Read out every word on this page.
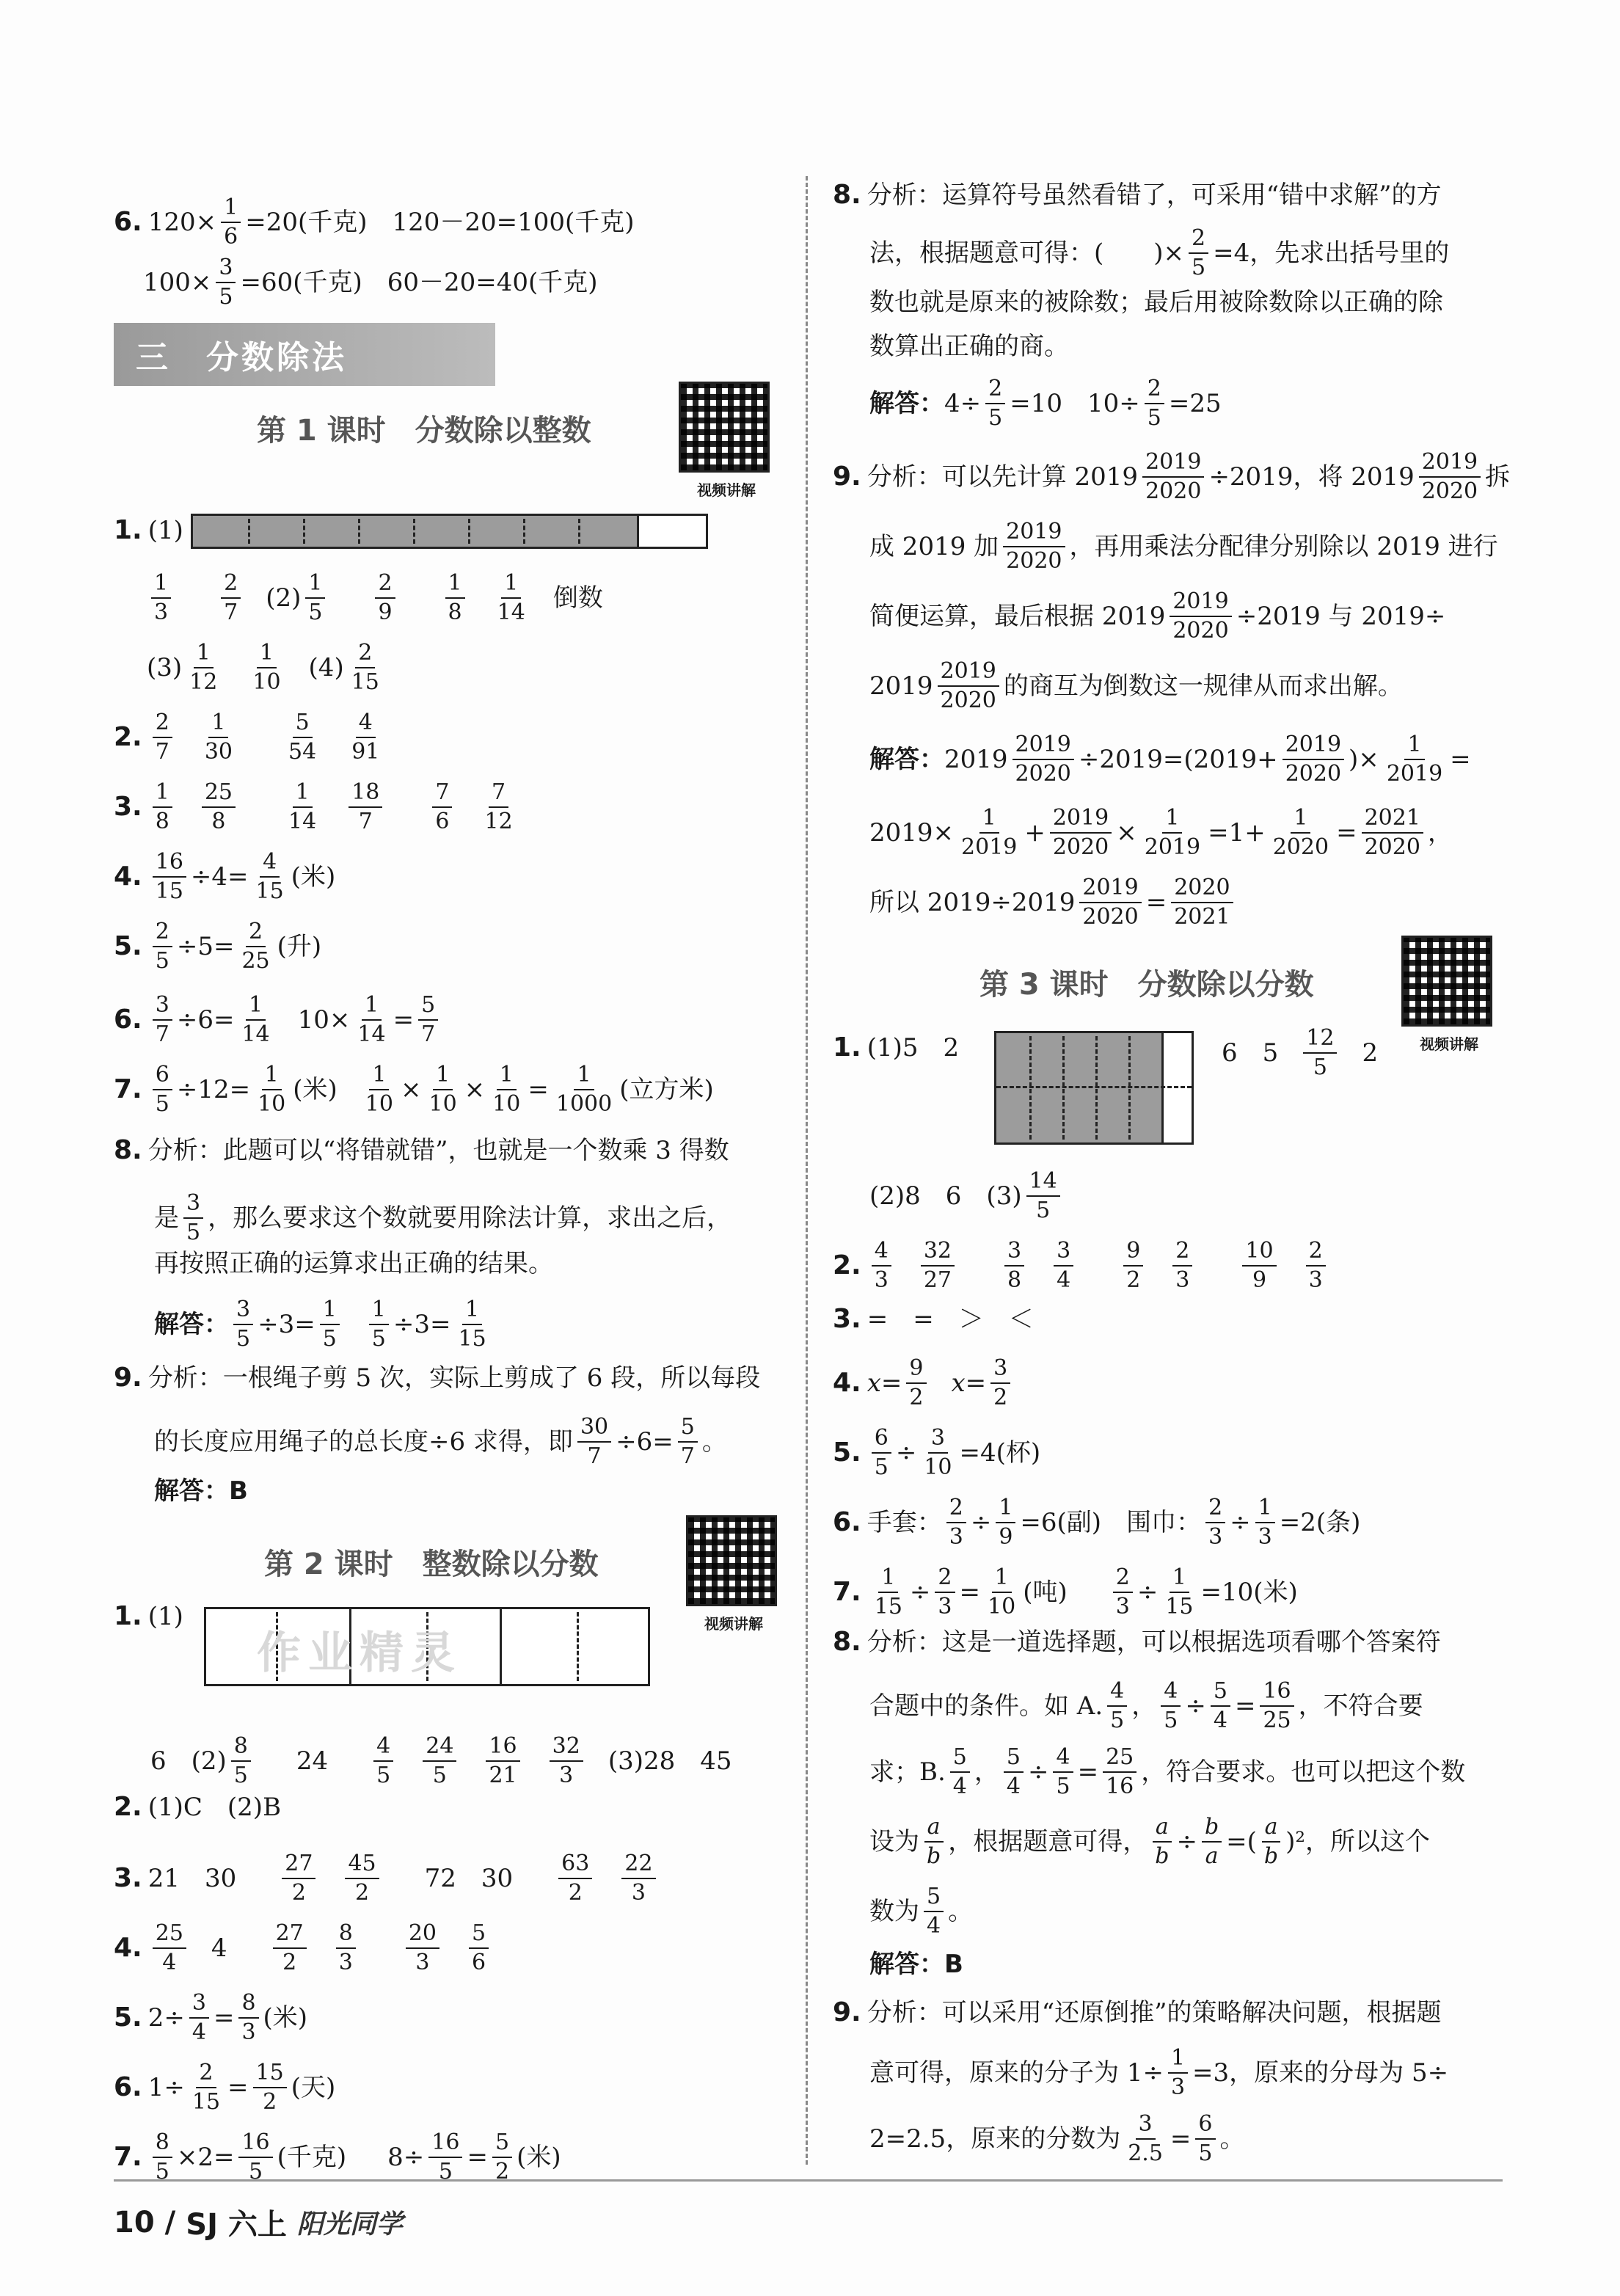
6. $120\times \frac{1}{6} =20$(千克)　120－20=100(千克)
$100\times \frac{3}{5} =60$(千克)　60－20=40(千克)
三　分数除法
第 1 课时　分数除以整数
视频讲解
1. (1)
$\frac{1}{3} \frac{2}{7} (2) \frac{1}{5} \frac{2}{9} \frac{1}{8} \frac{1}{14}$ 倒数
$(3) \frac{1}{12} \frac{1}{10} (4) \frac{2}{15}$
2. $\frac{2}{7} \frac{1}{30} \frac{5}{54} \frac{4}{91}$
3. $\frac{1}{8} \frac{25}{8} \frac{1}{14} \frac{18}{7} \frac{7}{6} \frac{7}{12}$
4. $\frac{16}{15} \div 4= \frac{4}{15}$ (米)
5. $\frac{2}{5} \div 5= \frac{2}{25}$ (升)
6. $\frac{3}{7} \div 6= \frac{1}{14} 10\times \frac{1}{14} = \frac{5}{7}$
7. $\frac{6}{5} \div 12= \frac{1}{10}$ (米) $\frac{1}{10} \times \frac{1}{10} \times \frac{1}{10} = \frac{1}{1000}$ (立方米)
8. 分析：此题可以“将错就错”，也就是一个数乘 3 得数
是 $\frac{3}{5}$ ，那么要求这个数就要用除法计算，求出之后，
再按照正确的运算求出正确的结果。
解答： $\frac{3}{5} \div 3= \frac{1}{5} \frac{1}{5} \div 3= \frac{1}{15}$
9. 分析：一根绳子剪 5 次，实际上剪成了 6 段，所以每段
的长度应用绳子的总长度÷6 求得，即 $\frac{30}{7} \div 6= \frac{5}{7}$ 。
解答：B
第 2 课时　整数除以分数
视频讲解
1. (1)
作业精灵
6　$(2) \frac{8}{5} 24 \frac{4}{5} \frac{24}{5} \frac{16}{21} \frac{32}{3} (3)28$　45
2. (1)C　(2)B
3. 21　$30 \frac{27}{2} \frac{45}{2} 72$　$30 \frac{63}{2} \frac{22}{3}$
4. $\frac{25}{4} 4 \frac{27}{2} \frac{8}{3} \frac{20}{3} \frac{5}{6}$
5. $2\div \frac{3}{4} = \frac{8}{3}$ (米)
6. $1\div \frac{2}{15} = \frac{15}{2}$ (天)
7. $\frac{8}{5} \times 2 = \frac{16}{5}$ (千克) $8\div \frac{16}{5} = \frac{5}{2}$ (米)
8. 分析：运算符号虽然看错了，可采用“错中求解”的方
法，根据题意可得：(　　)× $\frac{2}{5} =4$，先求出括号里的
数也就是原来的被除数；最后用被除数除以正确的除
数算出正确的商。
解答： $4\div \frac{2}{5} =10$　$10\div \frac{2}{5} =25$
9. 分析：可以先计算 $2019 \frac{2019}{2020} \div 2019$，将 $2019 \frac{2019}{2020}$ 拆
成 2019 加 $\frac{2019}{2020}$ ，再用乘法分配律分别除以 2019 进行
简便运算，最后根据 $2019 \frac{2019}{2020} \div 2019$ 与 2019÷
$2019 \frac{2019}{2020}$ 的商互为倒数这一规律从而求出解。
解答： $2019 \frac{2019}{2020} \div 2019=(2019+ \frac{2019}{2020}$ )× $\frac{1}{2019}$ =
$2019\times \frac{1}{2019} + \frac{2019}{2020} \times \frac{1}{2019} =1+ \frac{1}{2020} = \frac{2021}{2020}$ ，
所以 $2019\div 2019 \frac{2019}{2020} = \frac{2020}{2021}$
第 3 课时　分数除以分数
视频讲解
1. (1)5　2	6　$5 \frac{12}{5} 2$
(2)8　6　$(3) \frac{14}{5}$
2. $\frac{4}{3} \frac{32}{27} \frac{3}{8} \frac{3}{4} \frac{9}{2} \frac{2}{3} \frac{10}{9} \frac{2}{3}$
3. =　=　＞　＜
4. $x= \frac{9}{2} x= \frac{3}{2}$
5. $\frac{6}{5} \div \frac{3}{10} =4$(杯)
6. 手套： $\frac{2}{3} \div \frac{1}{9} =6$(副)　围巾： $\frac{2}{3} \div \frac{1}{3} =2$(条)
7. $\frac{1}{15} \div \frac{2}{3} = \frac{1}{10}$ (吨) $\frac{2}{3} \div \frac{1}{15} =10$(米)
8. 分析：这是一道选择题，可以根据选项看哪个答案符
合题中的条件。如 A. $\frac{4}{5}$ ， $\frac{4}{5} \div \frac{5}{4} = \frac{16}{25}$ ，不符合要
求；B. $\frac{5}{4}$ ， $\frac{5}{4} \div \frac{4}{5} = \frac{25}{16}$ ，符合要求。也可以把这个数
设为 $\frac{a}{b}$ ，根据题意可得， $\frac{a}{b} \div \frac{b}{a}$ =( $\frac{a}{b} )^2$，所以这个
数为 $\frac{5}{4}$ 。
解答：B
9. 分析：可以采用“还原倒推”的策略解决问题，根据题
意可得，原来的分子为 $1\div \frac{1}{3} =3$，原来的分母为 5÷
2=2.5，原来的分数为 $\frac{3}{2.5} = \frac{6}{5}$ 。
10 / SJ 六上 阳光同学
